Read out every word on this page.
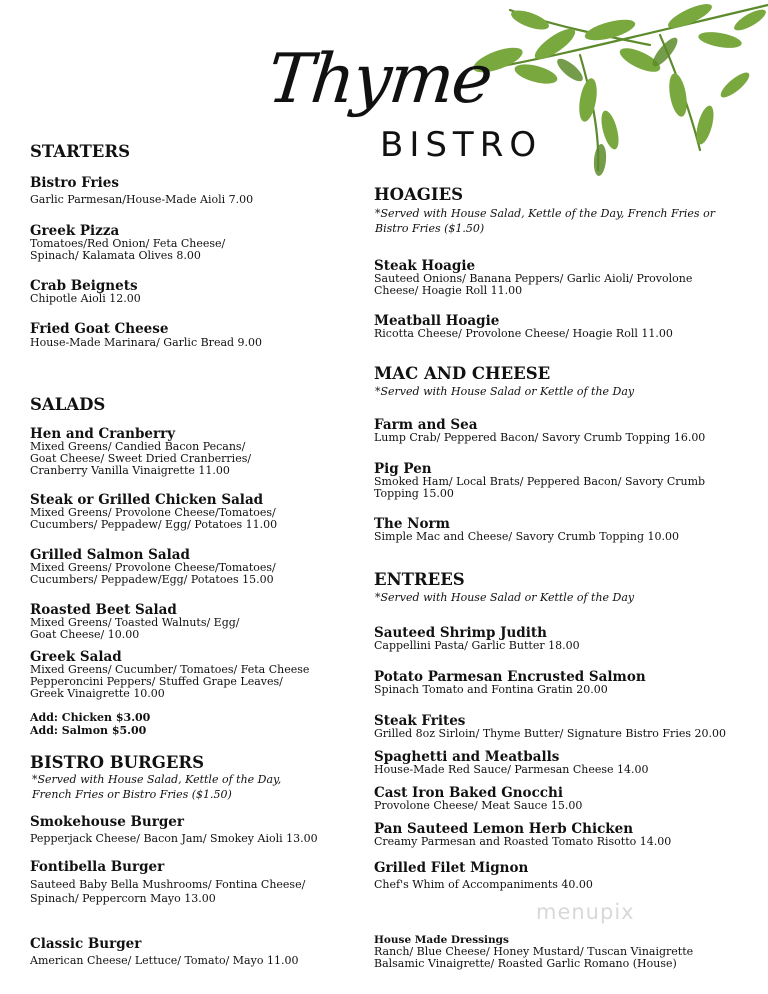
Thyme
BISTRO
STARTERS
Bistro Fries
Garlic Parmesan/House-Made Aioli 7.00
Greek Pizza
Tomatoes/Red Onion/ Feta Cheese/
Spinach/ Kalamata Olives 8.00
Crab Beignets
Chipotle Aioli 12.00
Fried Goat Cheese
House-Made Marinara/ Garlic Bread 9.00
SALADS
Hen and Cranberry
Mixed Greens/ Candied Bacon Pecans/
Goat Cheese/ Sweet Dried Cranberries/
Cranberry Vanilla Vinaigrette 11.00
Steak or Grilled Chicken Salad
Mixed Greens/ Provolone Cheese/Tomatoes/
Cucumbers/ Peppadew/ Egg/ Potatoes 11.00
Grilled Salmon Salad
Mixed Greens/ Provolone Cheese/Tomatoes/
Cucumbers/ Peppadew/Egg/ Potatoes 15.00
Roasted Beet Salad
Mixed Greens/ Toasted Walnuts/ Egg/
Goat Cheese/ 10.00
Greek Salad
Mixed Greens/ Cucumber/ Tomatoes/ Feta Cheese
Pepperoncini Peppers/ Stuffed Grape Leaves/
Greek Vinaigrette 10.00
Add: Chicken $3.00
Add: Salmon $5.00
BISTRO BURGERS
*Served with House Salad, Kettle of the Day,
French Fries or Bistro Fries ($1.50)
Smokehouse Burger
Pepperjack Cheese/ Bacon Jam/ Smokey Aioli 13.00
Fontibella Burger
Sauteed Baby Bella Mushrooms/ Fontina Cheese/
Spinach/ Peppercorn Mayo 13.00
Classic Burger
American Cheese/ Lettuce/ Tomato/ Mayo 11.00
HOAGIES
*Served with House Salad, Kettle of the Day, French Fries or
Bistro Fries ($1.50)
Steak Hoagie
Sauteed Onions/ Banana Peppers/ Garlic Aioli/ Provolone
Cheese/ Hoagie Roll 11.00
Meatball Hoagie
Ricotta Cheese/ Provolone Cheese/ Hoagie Roll 11.00
MAC AND CHEESE
*Served with House Salad or Kettle of the Day
Farm and Sea
Lump Crab/ Peppered Bacon/ Savory Crumb Topping 16.00
Pig Pen
Smoked Ham/ Local Brats/ Peppered Bacon/ Savory Crumb
Topping 15.00
The Norm
Simple Mac and Cheese/ Savory Crumb Topping 10.00
ENTREES
*Served with House Salad or Kettle of the Day
Sauteed Shrimp Judith
Cappellini Pasta/ Garlic Butter 18.00
Potato Parmesan Encrusted Salmon
Spinach Tomato and Fontina Gratin 20.00
Steak Frites
Grilled 8oz Sirloin/ Thyme Butter/ Signature Bistro Fries 20.00
Spaghetti and Meatballs
House-Made Red Sauce/ Parmesan Cheese 14.00
Cast Iron Baked Gnocchi
Provolone Cheese/ Meat Sauce 15.00
Pan Sauteed Lemon Herb Chicken
Creamy Parmesan and Roasted Tomato Risotto 14.00
Grilled Filet Mignon
Chef's Whim of Accompaniments 40.00
menupix
House Made Dressings
Ranch/ Blue Cheese/ Honey Mustard/ Tuscan Vinaigrette
Balsamic Vinaigrette/ Roasted Garlic Romano (House)
